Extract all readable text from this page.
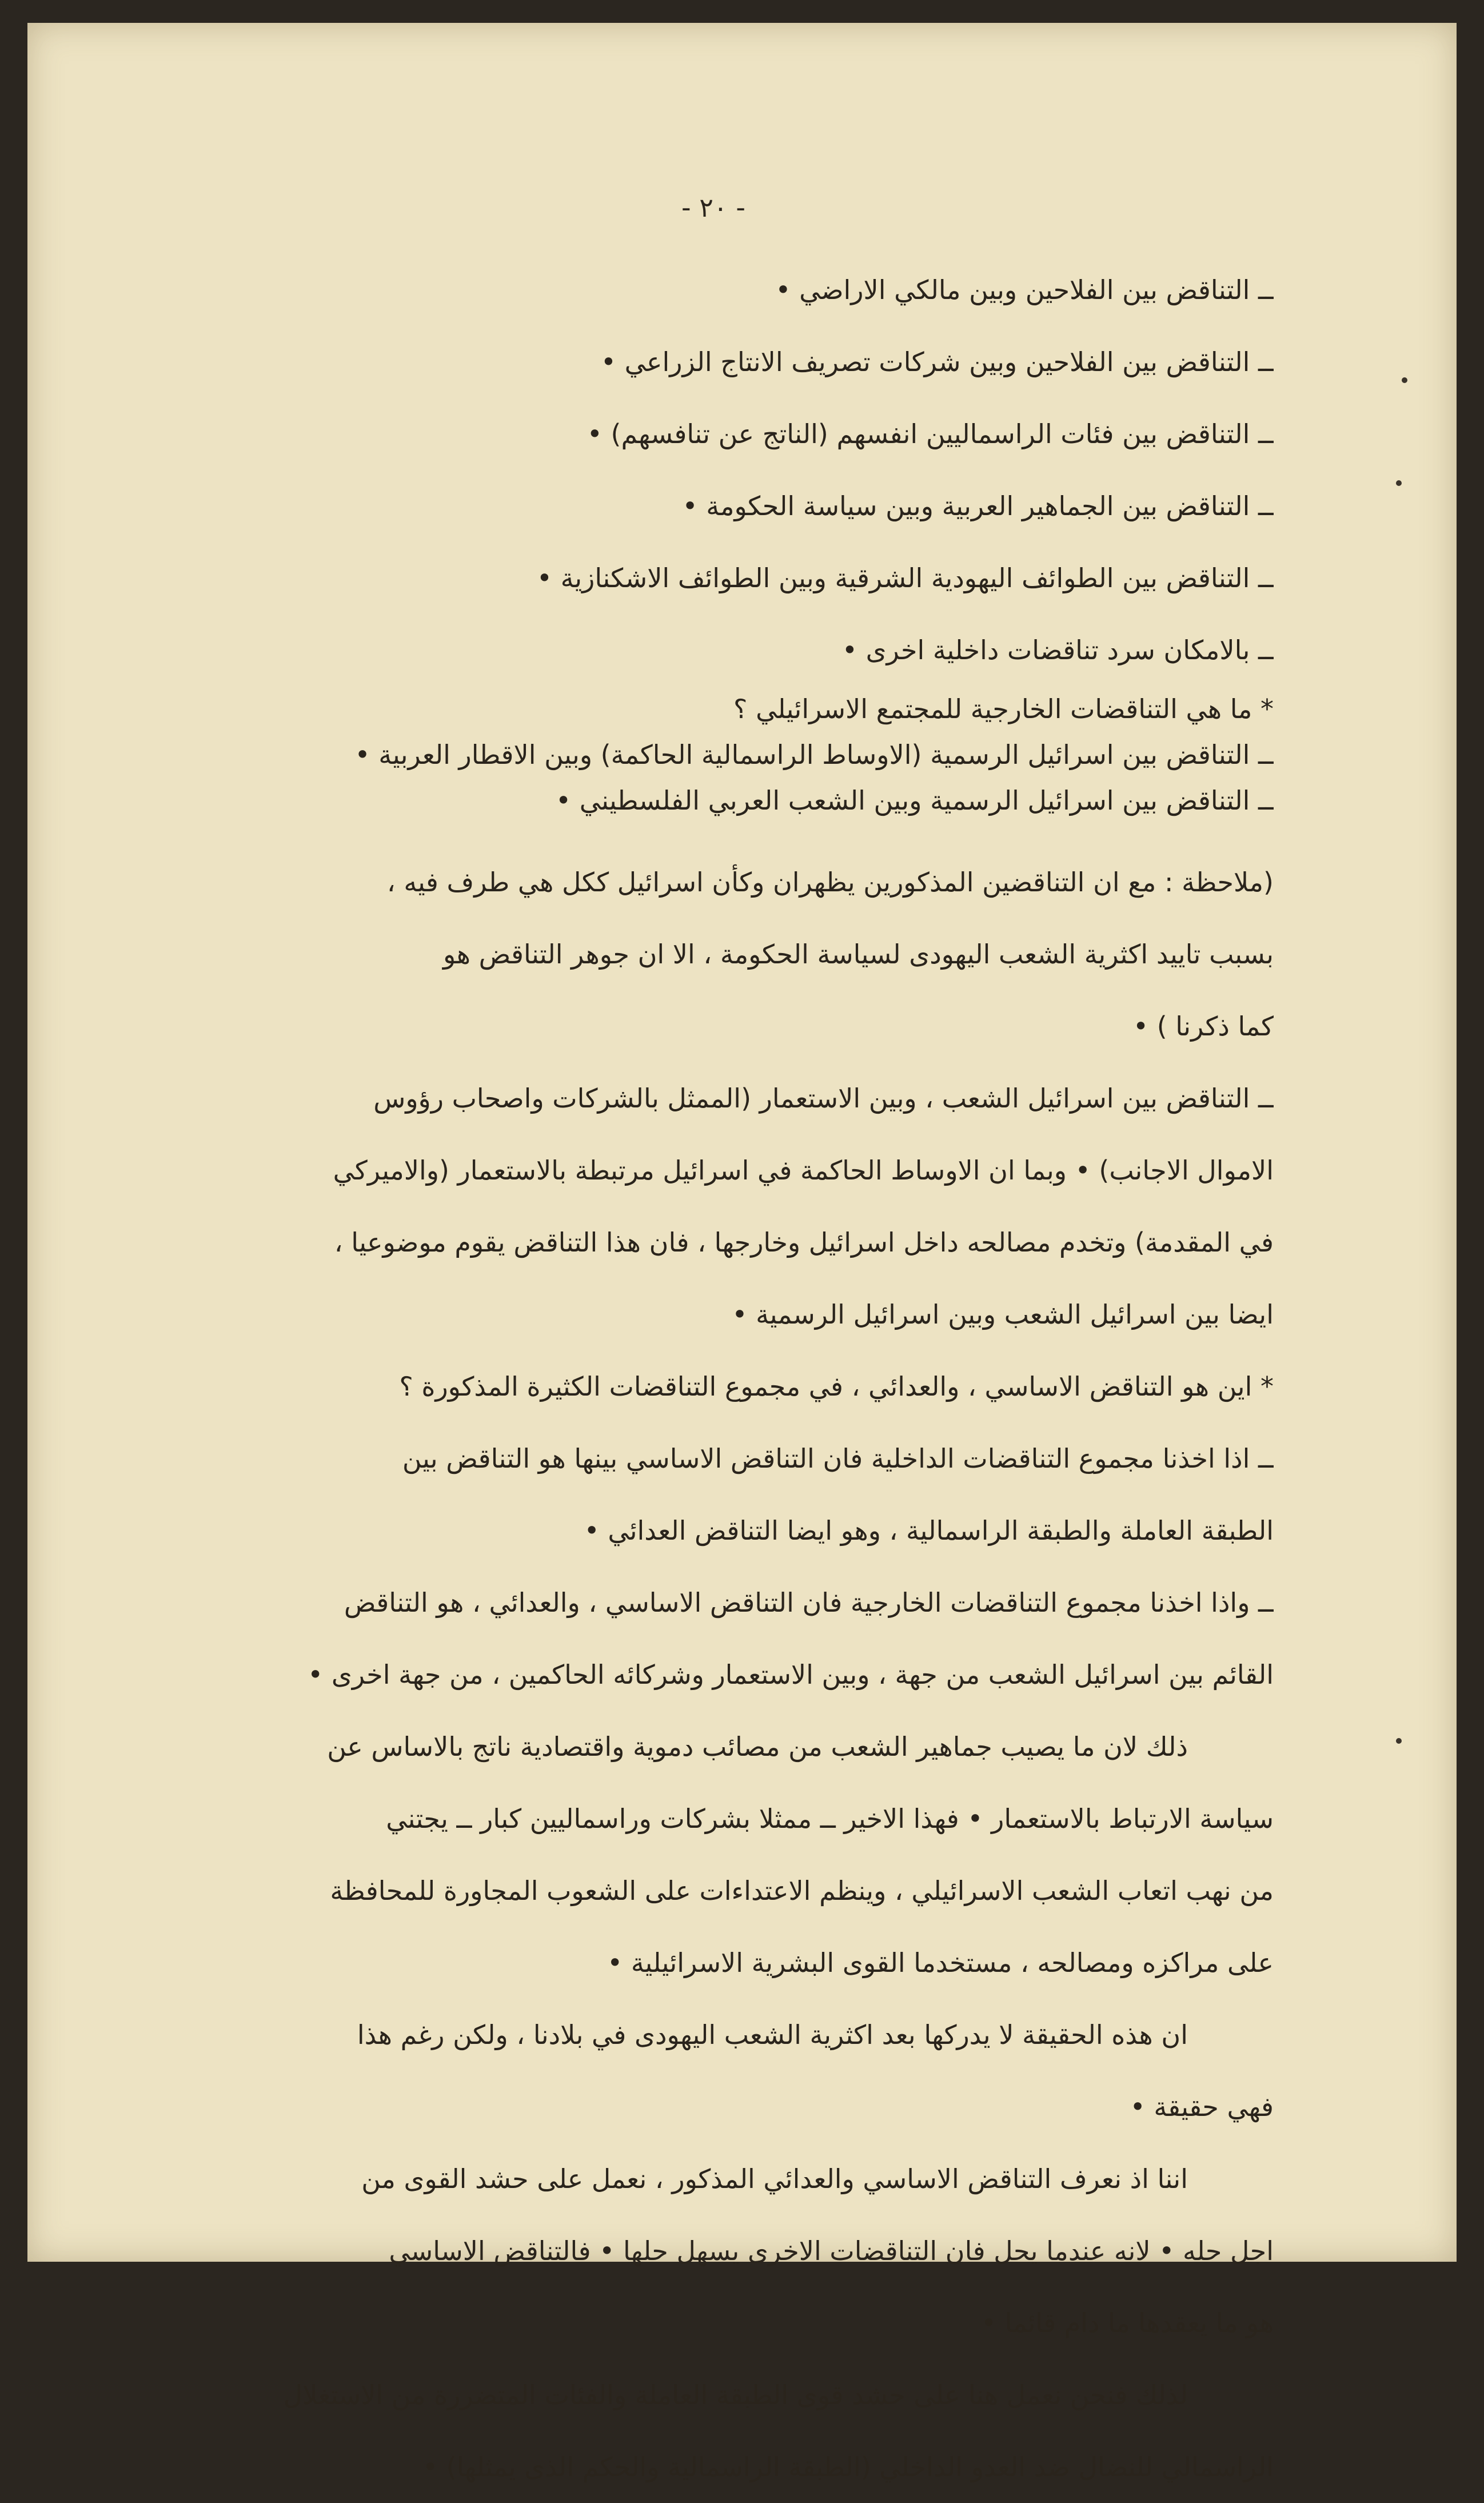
- ٢٠ -
ــ التناقض بين الفلاحين وبين مالكي الاراضي •
ــ التناقض بين الفلاحين وبين شركات تصريف الانتاج الزراعي •
ــ التناقض بين فئات الراسماليين انفسهم (الناتج عن تنافسهم) •
ــ التناقض بين الجماهير العربية وبين سياسة الحكومة •
ــ التناقض بين الطوائف اليهودية الشرقية وبين الطوائف الاشكنازية •
ــ بالامكان سرد تناقضات داخلية اخرى •
* ما هي التناقضات الخارجية للمجتمع الاسرائيلي ؟
ــ التناقض بين اسرائيل الرسمية (الاوساط الراسمالية الحاكمة) وبين الاقطار العربية •
ــ التناقض بين اسرائيل الرسمية وبين الشعب العربي الفلسطيني •
(ملاحظة : مع ان التناقضين المذكورين يظهران وكأن اسرائيل ككل هي طرف فيه ،
بسبب تاييد اكثرية الشعب اليهودى لسياسة الحكومة ، الا ان جوهر التناقض هو
كما ذكرنا ) •
ــ التناقض بين اسرائيل الشعب ، وبين الاستعمار (الممثل بالشركات واصحاب رؤوس
الاموال الاجانب) • وبما ان الاوساط الحاكمة في اسرائيل مرتبطة بالاستعمار (والاميركي
في المقدمة) وتخدم مصالحه داخل اسرائيل وخارجها ، فان هذا التناقض يقوم موضوعيا ،
ايضا بين اسرائيل الشعب وبين اسرائيل الرسمية •
* اين هو التناقض الاساسي ، والعدائي ، في مجموع التناقضات الكثيرة المذكورة ؟
ــ اذا اخذنا مجموع التناقضات الداخلية فان التناقض الاساسي بينها هو التناقض بين
الطبقة العاملة والطبقة الراسمالية ، وهو ايضا التناقض العدائي •
ــ واذا اخذنا مجموع التناقضات الخارجية فان التناقض الاساسي ، والعدائي ، هو التناقض
القائم بين اسرائيل الشعب من جهة ، وبين الاستعمار وشركائه الحاكمين ، من جهة اخرى •
ذلك لان ما يصيب جماهير الشعب من مصائب دموية واقتصادية ناتج بالاساس عن
سياسة الارتباط بالاستعمار • فهذا الاخير ــ ممثلا بشركات وراسماليين كبار ــ يجتني
من نهب اتعاب الشعب الاسرائيلي ، وينظم الاعتداءات على الشعوب المجاورة للمحافظة
على مراكزه ومصالحه ، مستخدما القوى البشرية الاسرائيلية •
ان هذه الحقيقة لا يدركها بعد اكثرية الشعب اليهودى في بلادنا ، ولكن رغم هذا
فهي حقيقة •
اننا اذ نعرف التناقض الاساسي والعدائي المذكور ، نعمل على حشد القوى من
اجل حله • لانه عندما يحل فان التناقضات الاخرى يسهل حلها • فالتناقض الاساسي
هو ما يعقدها ما دام قائما •
لذلك فنحن نعمل هنا على حشد قوى الطبقة العاملة والفئات المتضررة من الاستغلال
الراسمالي للنضال ضد العدو الداخلي (الطبقة الراسمالية والحكم الذى يمثلها) •
